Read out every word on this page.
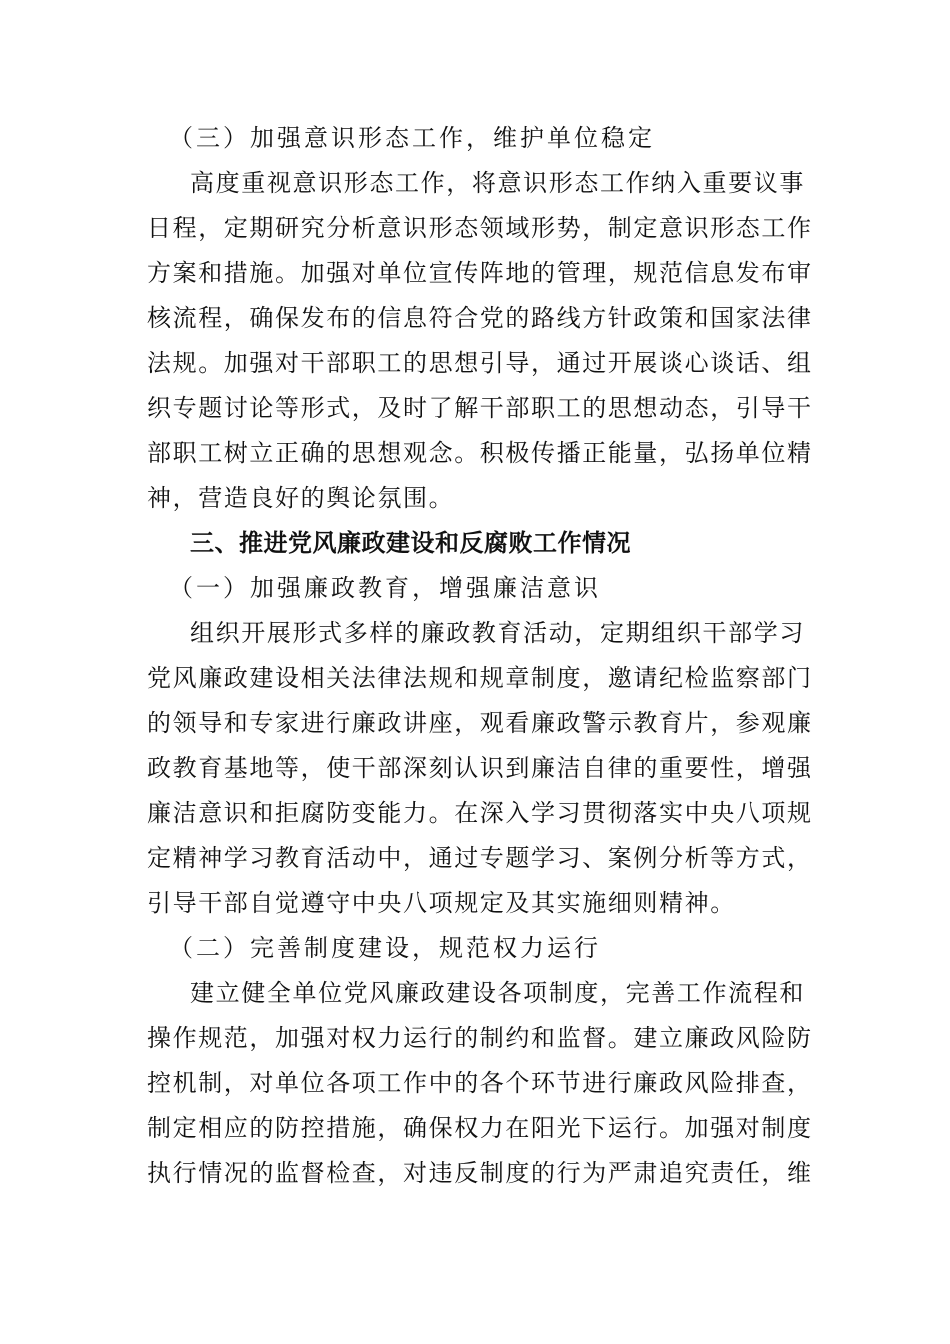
（三）加强意识形态工作，维护单位稳定
高度重视意识形态工作，将意识形态工作纳入重要议事
日程，定期研究分析意识形态领域形势，制定意识形态工作
方案和措施。加强对单位宣传阵地的管理，规范信息发布审
核流程，确保发布的信息符合党的路线方针政策和国家法律
法规。加强对干部职工的思想引导，通过开展谈心谈话、组
织专题讨论等形式，及时了解干部职工的思想动态，引导干
部职工树立正确的思想观念。积极传播正能量，弘扬单位精
神，营造良好的舆论氛围。
三、推进党风廉政建设和反腐败工作情况
（一）加强廉政教育，增强廉洁意识
组织开展形式多样的廉政教育活动，定期组织干部学习
党风廉政建设相关法律法规和规章制度，邀请纪检监察部门
的领导和专家进行廉政讲座，观看廉政警示教育片，参观廉
政教育基地等，使干部深刻认识到廉洁自律的重要性，增强
廉洁意识和拒腐防变能力。在深入学习贯彻落实中央八项规
定精神学习教育活动中，通过专题学习、案例分析等方式，
引导干部自觉遵守中央八项规定及其实施细则精神。
（二）完善制度建设，规范权力运行
建立健全单位党风廉政建设各项制度，完善工作流程和
操作规范，加强对权力运行的制约和监督。建立廉政风险防
控机制，对单位各项工作中的各个环节进行廉政风险排查，
制定相应的防控措施，确保权力在阳光下运行。加强对制度
执行情况的监督检查，对违反制度的行为严肃追究责任，维
